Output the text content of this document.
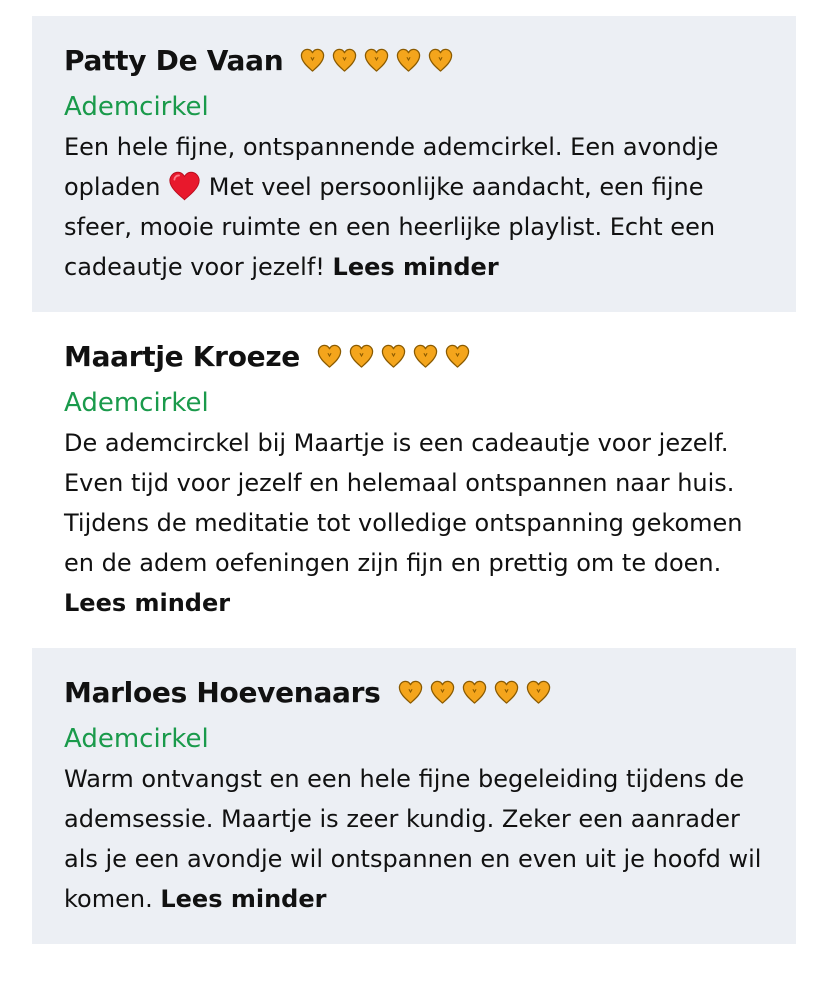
Patty De Vaan
Ademcirkel

Een hele fijne, ontspannende ademcirkel. Een avondje opladen Met veel persoonlijke aandacht, een fijne sfeer, mooie ruimte en een heerlijke playlist. Echt een cadeautje voor jezelf! Lees minder

Maartje Kroeze
Ademcirkel

De ademcirckel bij Maartje is een cadeautje voor jezelf. Even tijd voor jezelf en helemaal ontspannen naar huis. Tijdens de meditatie tot volledige ontspanning gekomen en de adem oefeningen zijn fijn en prettig om te doen. Lees minder

Marloes Hoevenaars
Ademcirkel

Warm ontvangst en een hele fijne begeleiding tijdens de ademsessie. Maartje is zeer kundig. Zeker een aanrader als je een avondje wil ontspannen en even uit je hoofd wil komen. Lees minder
